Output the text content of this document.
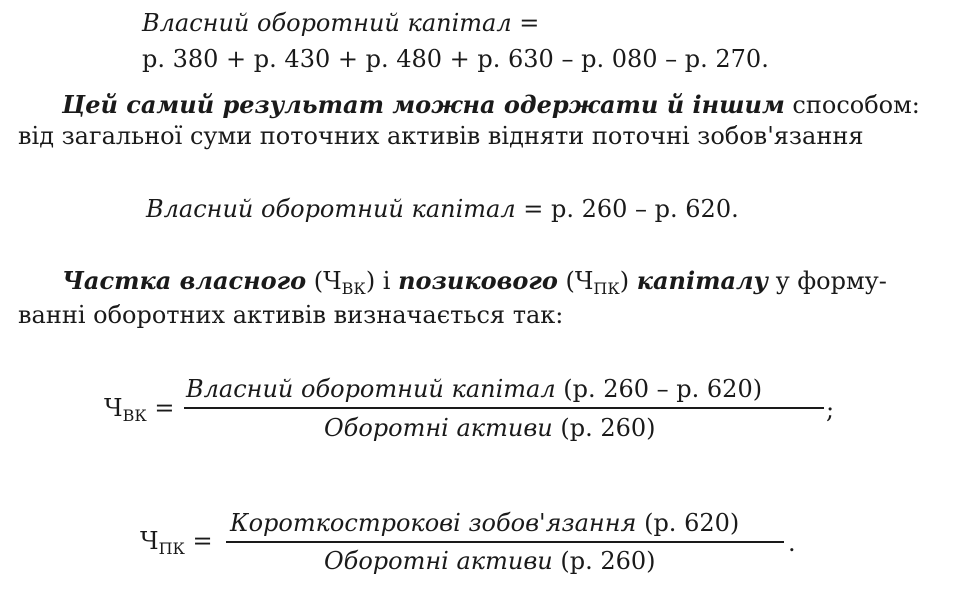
Власний оборотний капітал =
р. 380 + р. 430 + р. 480 + р. 630 – р. 080 – р. 270.
Цей самий результат можна одержати й іншим способом:
від загальної суми поточних активів відняти поточні зобов'язання
Власний оборотний капітал = р. 260 – р. 620.
Частка власного $(Ч_{ВК})$ і позикового $(Ч_{ПК})$ капіталу у форму-
ванні оборотних активів визначається так:
$Ч_{ВК}$ =
Власний оборотний капітал (р. 260 – р. 620)
Оборотні активи (р. 260)
;
$Ч_{ПК}$ =
Короткострокові зобов'язання (р. 620)
Оборотні активи (р. 260)
.
